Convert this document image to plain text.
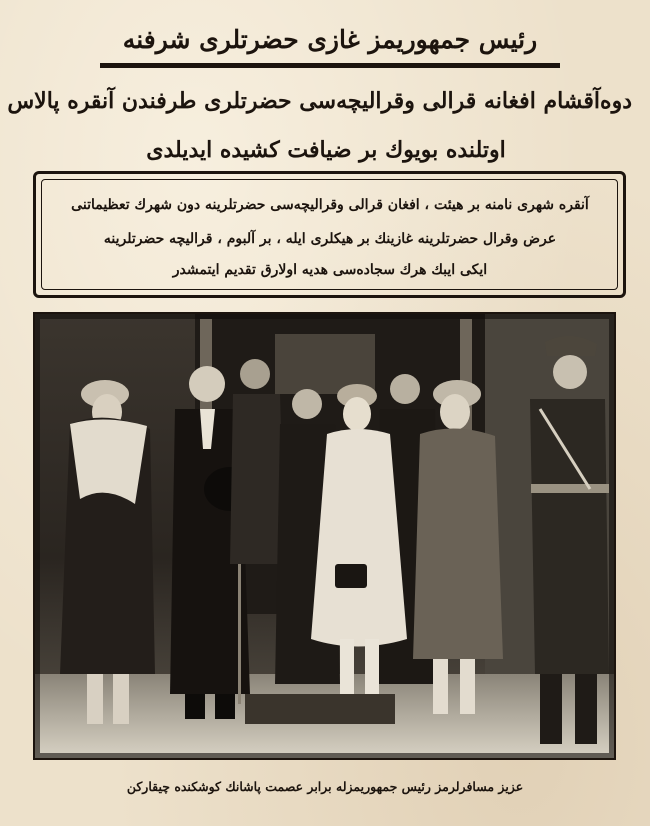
رئيس جمهوريمز غازى حضرتلرى شرفنه
دوه‌آقشام افغانه قرالى وقراليچه‌سى حضرتلرى طرفندن آنقره پالاس
اوتلنده بويوك بر ضيافت كشيده ايديلدى
آنقره شهرى نامنه بر هيئت ، افغان قرالى وقراليچه‌سى حضرتلرينه دون شهرك تعظيماتنى
عرض وقرال حضرتلرينه غازينك بر هيكلرى ايله ، بر آلبوم ، قراليچه حضرتلرينه
ايكى ايبك هرك سجاده‌سى هديه اولارق تقديم ايتمشدر
عزيز مسافرلرمز رئيس جمهوريمزله برابر عصمت پاشانك كوشكنده چيقاركن
